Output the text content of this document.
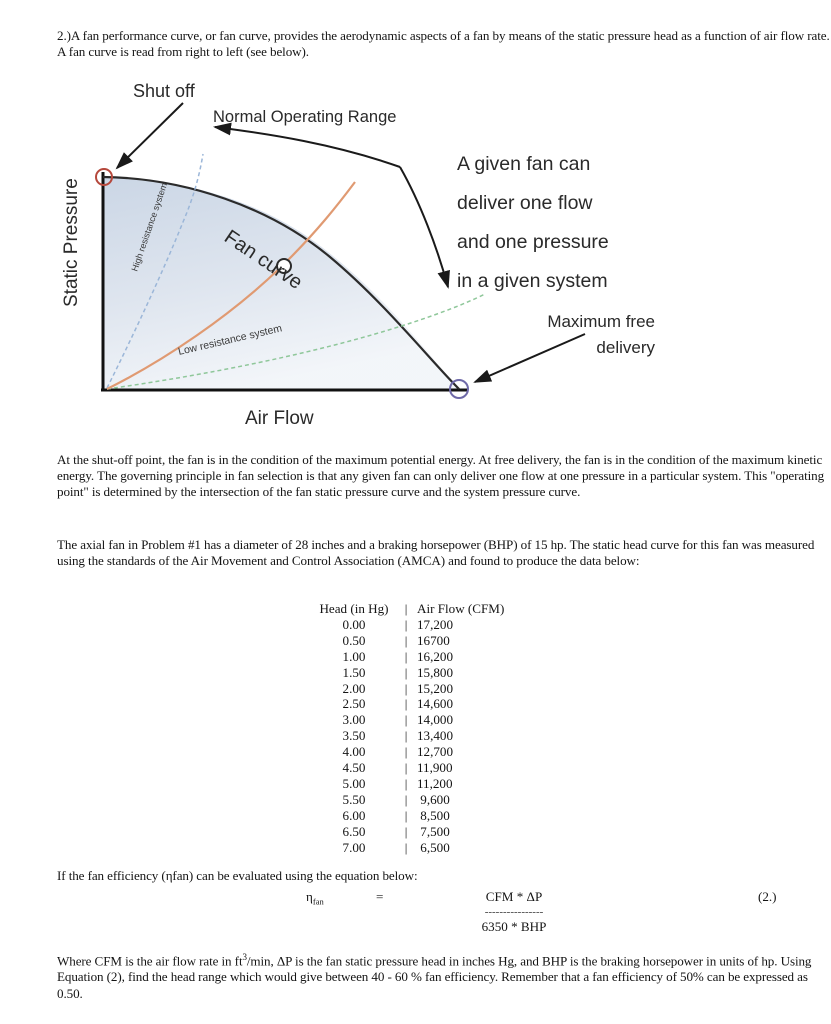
2.)A fan performance curve, or fan curve, provides the aerodynamic aspects of a fan by means of the static pressure head as a function of air flow rate. A fan curve is read from right to left (see below).
Static Pressure
Air Flow
Shut off
Normal Operating Range
Fan curve
High resistance system
Low resistance system
A given fan can
deliver one flow
and one pressure
in a given system
Maximum free
delivery
At the shut-off point, the fan is in the condition of the maximum potential energy. At free delivery, the fan is in the condition of the maximum kinetic energy. The governing principle in fan selection is that any given fan can only deliver one flow at one pressure in a particular system. This "operating point" is determined by the intersection of the fan static pressure curve and the system pressure curve.
The axial fan in Problem #1 has a diameter of 28 inches and a braking horsepower (BHP) of 15 hp. The static head curve for this fan was measured using the standards of the Air Movement and Control Association (AMCA) and found to produce the data below:
Head (in Hg)	|	Air Flow (CFM)
0.00	|	17,200
0.50	|	16700
1.00	|	16,200
1.50	|	15,800
2.00	|	15,200
2.50	|	14,600
3.00	|	14,000
3.50	|	13,400
4.00	|	12,700
4.50	|	11,900
5.00	|	11,200
5.50	|	9,600
6.00	|	8,500
6.50	|	7,500
7.00	|	6,500
If the fan efficiency (ηfan) can be evaluated using the equation below:
$\eta_{fan}$	=	CFM * ΔP
----------------
6350 * BHP
(2.)
Where CFM is the air flow rate in $ft^3/\min$, ΔP is the fan static pressure head in inches Hg, and BHP is the braking horsepower in units of hp. Using Equation (2), find the head range which would give between 40 - 60 % fan efficiency. Remember that a fan efficiency of 50% can be expressed as 0.50.
